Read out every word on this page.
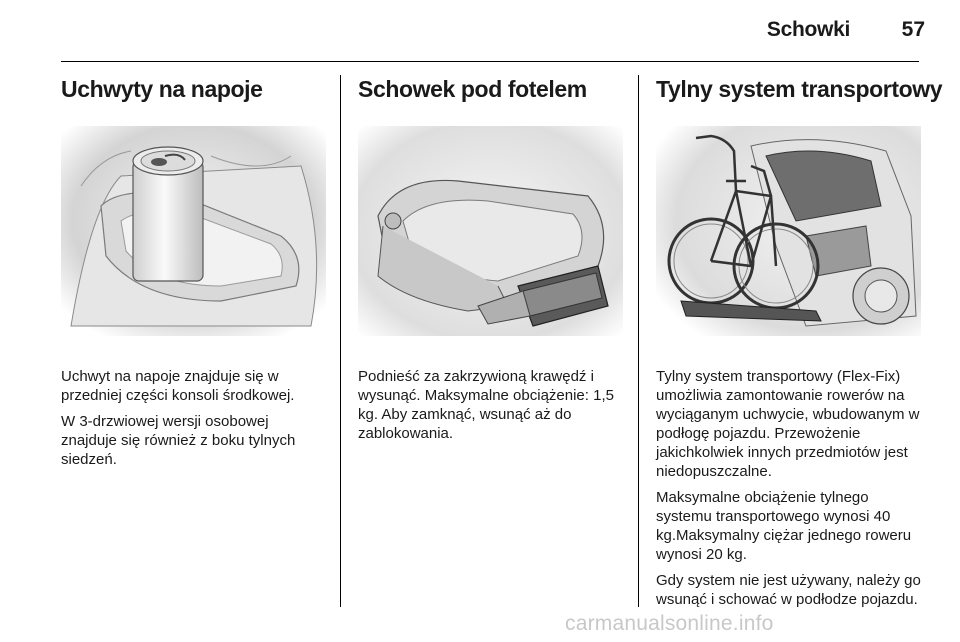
Schowki	57
Uchwyty na napoje

Uchwyt na napoje znajduje się w przedniej części konsoli środkowej.

W 3-drzwiowej wersji osobowej znajduje się również z boku tylnych siedzeń.

Schowek pod fotelem

Podnieść za zakrzywioną krawędź i wysunąć. Maksymalne obciążenie: 1,5 kg. Aby zamknąć, wsunąć aż do zablokowania.

Tylny system transportowy

Tylny system transportowy (Flex-Fix) umożliwia zamontowanie rowerów na wyciąganym uchwycie, wbudowanym w podłogę pojazdu. Przewożenie jakichkolwiek innych przedmiotów jest niedopuszczalne.

Maksymalne obciążenie tylnego systemu transportowego wynosi 40 kg.Maksymalny ciężar jednego roweru wynosi 20 kg.

Gdy system nie jest używany, należy go wsunąć i schować w podłodze pojazdu.

carmanualsonline.info
